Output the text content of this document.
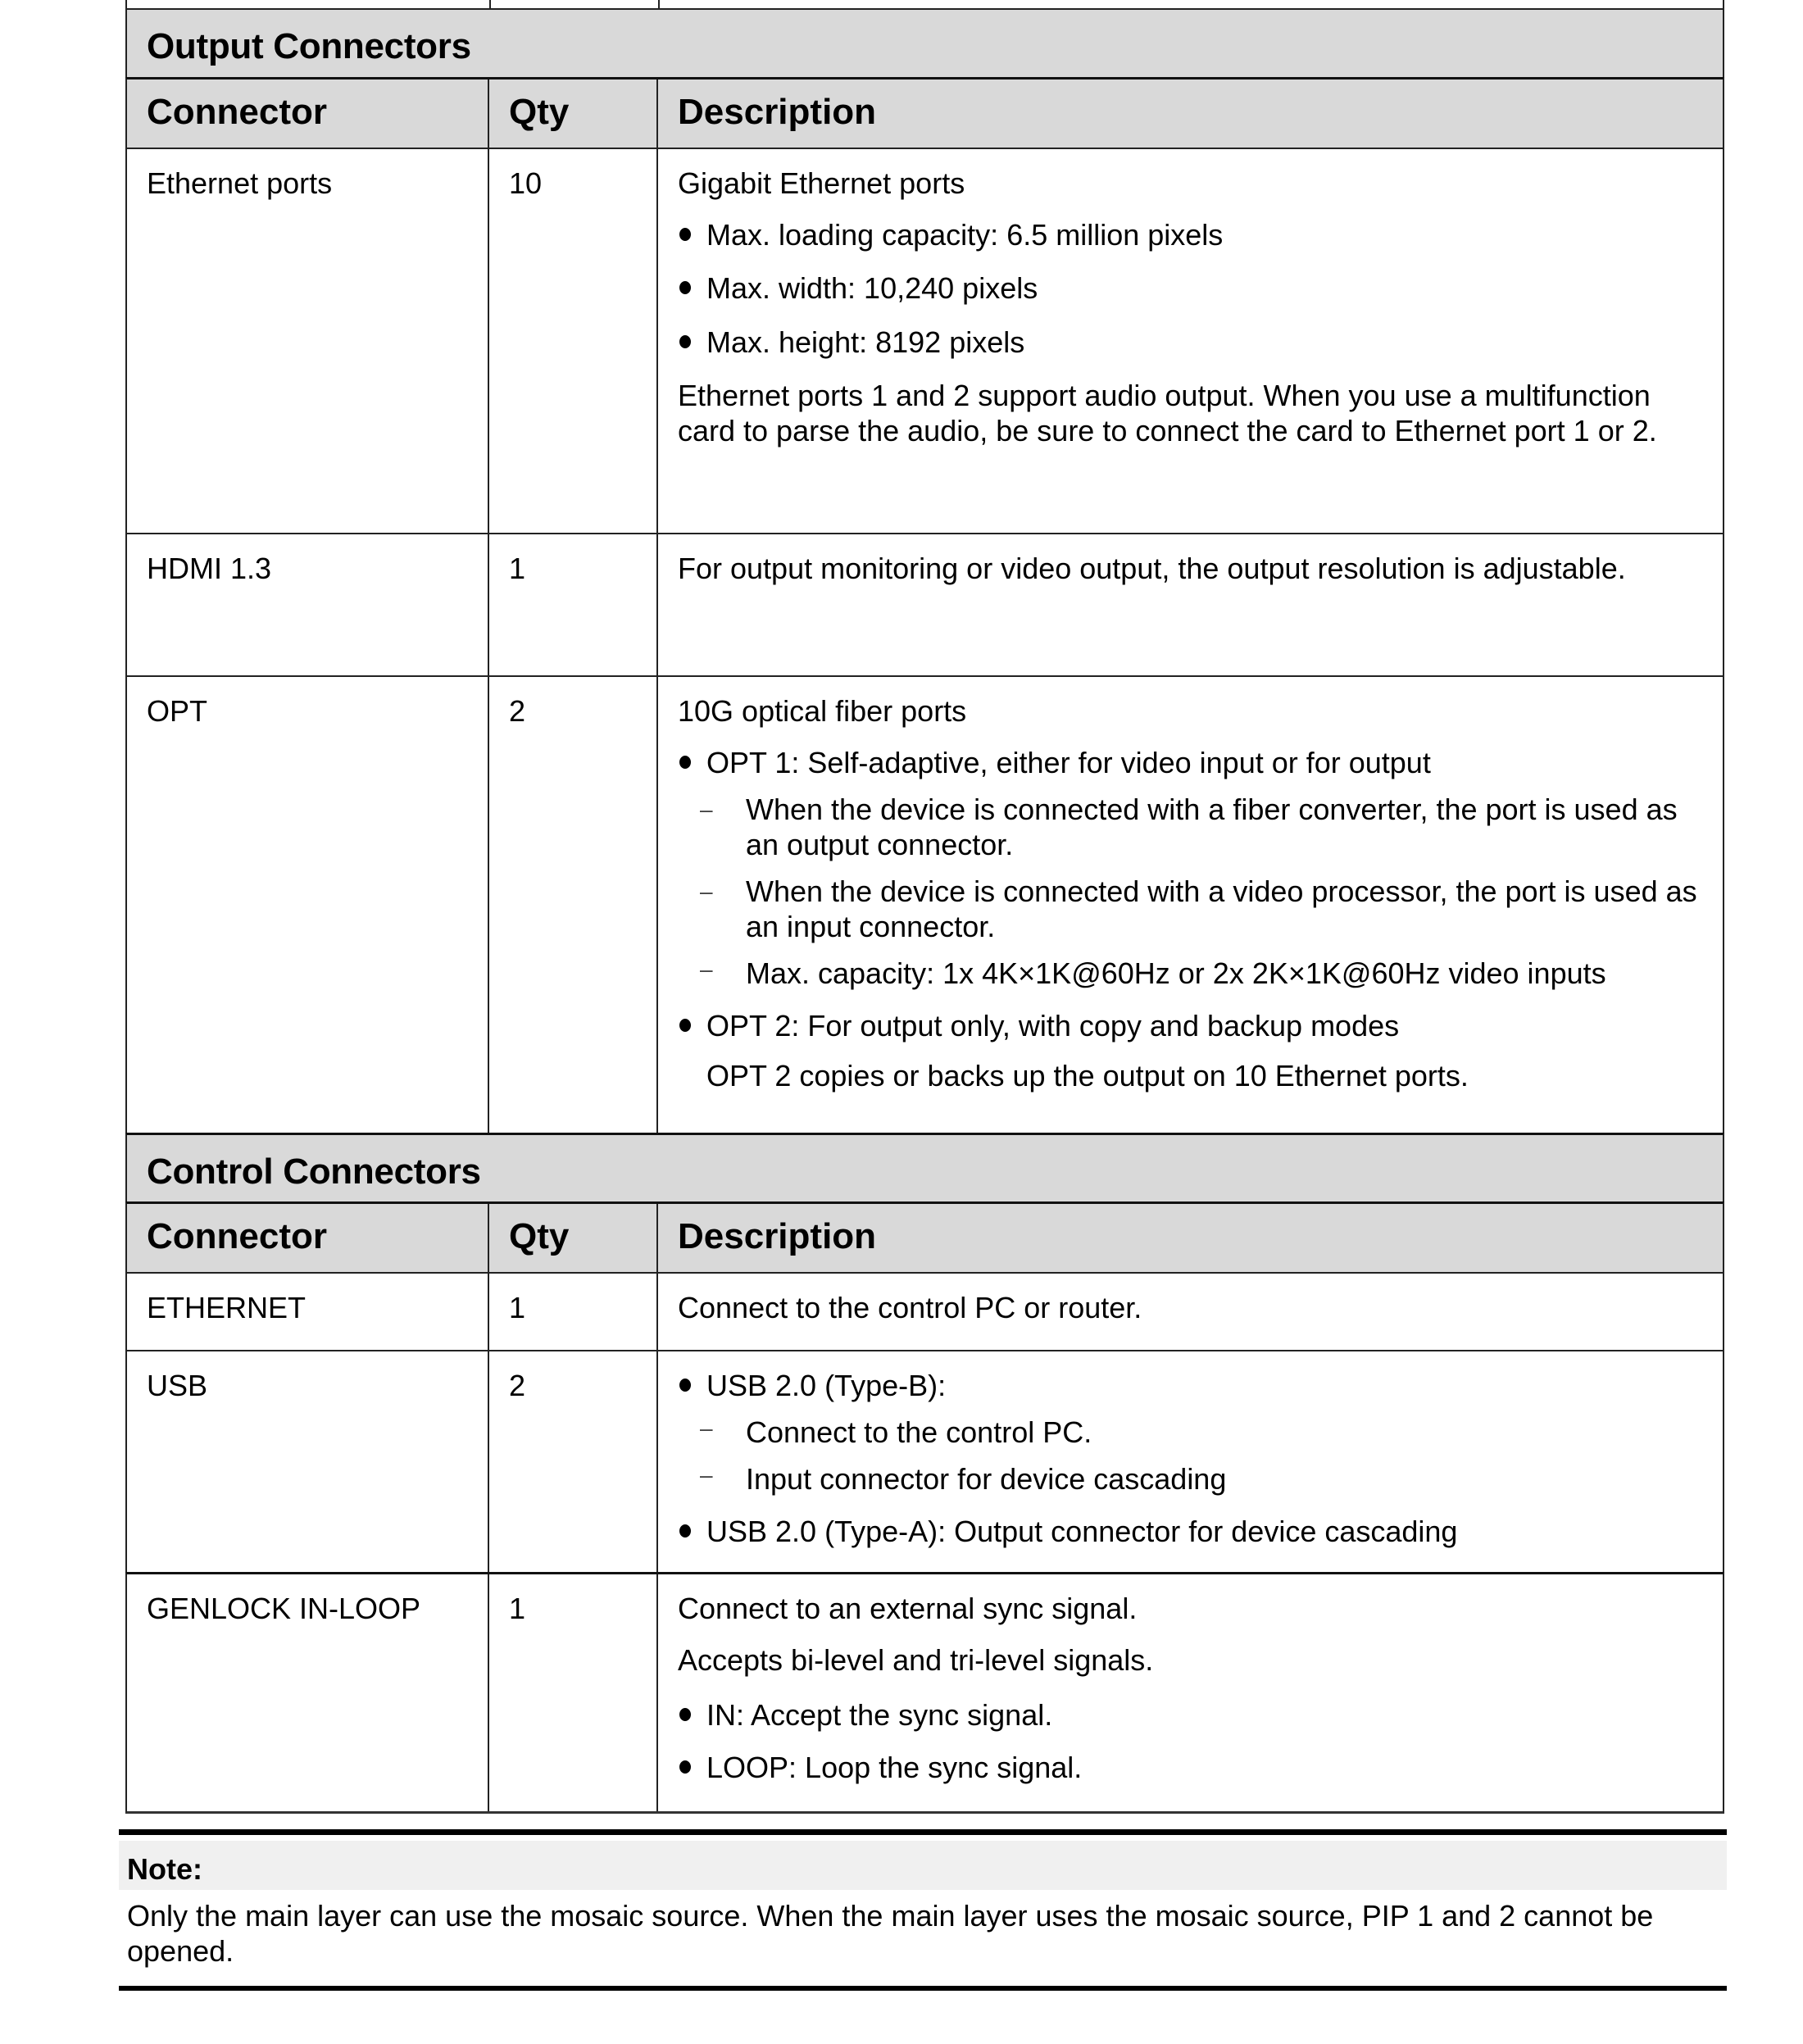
Output Connectors
Connector	Qty	Description
Ethernet ports	10	Gigabit Ethernet ports

Max. loading capacity: 6.5 million pixels
Max. width: 10,240 pixels
Max. height: 8192 pixels

Ethernet ports 1 and 2 support audio output. When you use a multifunction card to parse the audio, be sure to connect the card to Ethernet port 1 or 2.

HDMI 1.3	1	For output monitoring or video output, the output resolution is adjustable.

OPT	2	10G optical fiber ports

OPT 1: Self-adaptive, either for video input or for output
– When the device is connected with a fiber converter, the port is used as an output connector.
– When the device is connected with a video processor, the port is used as an input connector.
– Max. capacity: 1x 4K×1K@60Hz or 2x 2K×1K@60Hz video inputs
OPT 2: For output only, with copy and backup modes

OPT 2 copies or backs up the output on 10 Ethernet ports.

Control Connectors
Connector	Qty	Description
ETHERNET	1	Connect to the control PC or router.

USB	2	USB 2.0 (Type-B):
– Connect to the control PC.
– Input connector for device cascading
USB 2.0 (Type-A): Output connector for device cascading
GENLOCK IN-LOOP	1	Connect to an external sync signal.

Accepts bi-level and tri-level signals.

IN: Accept the sync signal.
LOOP: Loop the sync signal.
Note:
Only the main layer can use the mosaic source. When the main layer uses the mosaic source, PIP 1 and 2 cannot be opened.
